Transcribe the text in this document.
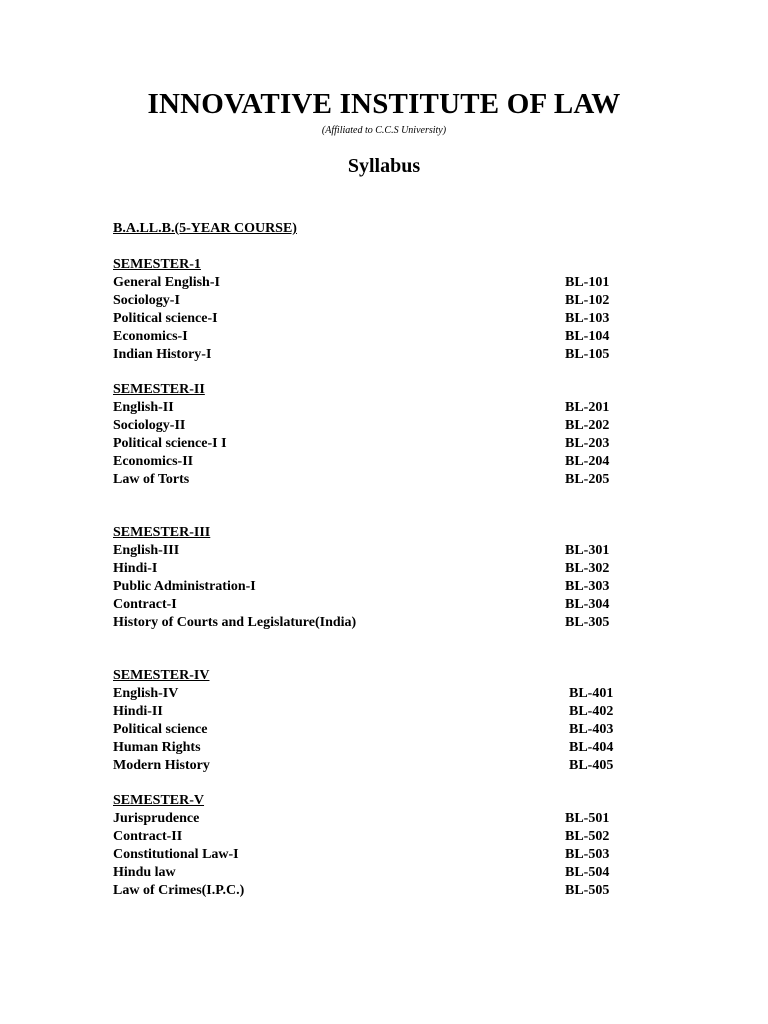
INNOVATIVE INSTITUTE OF LAW
(Affiliated to C.C.S University)
Syllabus
B.A.LL.B.(5-YEAR COURSE)
SEMESTER-1
General English-I	BL-101
Sociology-I	BL-102
Political science-I	BL-103
Economics-I	BL-104
Indian History-I	BL-105
SEMESTER-II
English-II	BL-201
Sociology-II	BL-202
Political science-I I	BL-203
Economics-II	BL-204
Law of Torts	BL-205
SEMESTER-III
English-III	BL-301
Hindi-I	BL-302
Public Administration-I	BL-303
Contract-I	BL-304
History of Courts and Legislature(India)	BL-305
SEMESTER-IV
English-IV	BL-401
Hindi-II	BL-402
Political science	BL-403
Human Rights	BL-404
Modern History	BL-405
SEMESTER-V
Jurisprudence	BL-501
Contract-II	BL-502
Constitutional Law-I	BL-503
Hindu law	BL-504
Law of Crimes(I.P.C.)	BL-505
